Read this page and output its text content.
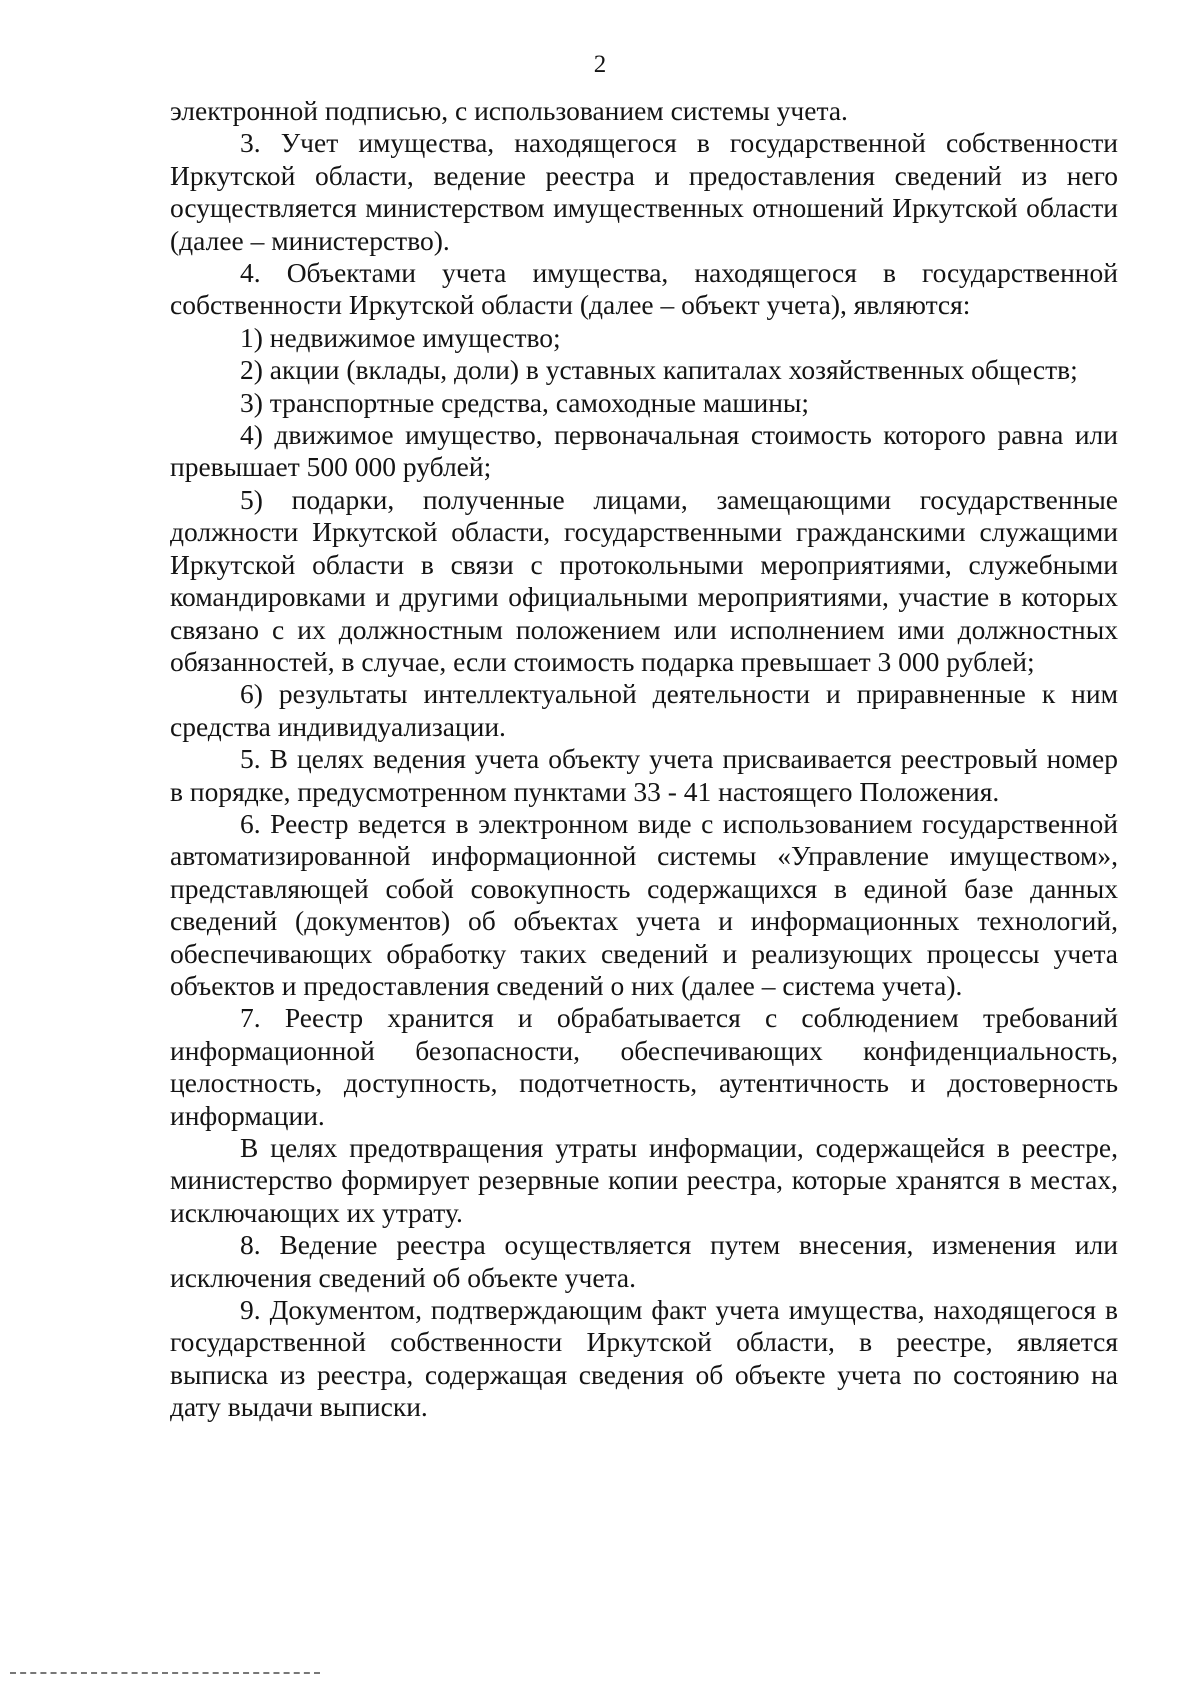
2

электронной подписью, с использованием системы учета.

3. Учет имущества, находящегося в государственной собственности Иркутской области, ведение реестра и предоставления сведений из него осуществляется министерством имущественных отношений Иркутской области (далее – министерство).

4. Объектами учета имущества, находящегося в государственной собственности Иркутской области (далее – объект учета), являются:

1) недвижимое имущество;

2) акции (вклады, доли) в уставных капиталах хозяйственных обществ;

3) транспортные средства, самоходные машины;

4) движимое имущество, первоначальная стоимость которого равна или превышает 500 000 рублей;

5) подарки, полученные лицами, замещающими государственные должности Иркутской области, государственными гражданскими служащими Иркутской области в связи с протокольными мероприятиями, служебными командировками и другими официальными мероприятиями, участие в которых связано с их должностным положением или исполнением ими должностных обязанностей, в случае, если стоимость подарка превышает 3 000 рублей;

6) результаты интеллектуальной деятельности и приравненные к ним средства индивидуализации.

5. В целях ведения учета объекту учета присваивается реестровый номер в порядке, предусмотренном пунктами 33 - 41 настоящего Положения.

6. Реестр ведется в электронном виде с использованием государственной автоматизированной информационной системы «Управление имуществом», представляющей собой совокупность содержащихся в единой базе данных сведений (документов) об объектах учета и информационных технологий, обеспечивающих обработку таких сведений и реализующих процессы учета объектов и предоставления сведений о них (далее – система учета).

7. Реестр хранится и обрабатывается с соблюдением требований информационной безопасности, обеспечивающих конфиденциальность, целостность, доступность, подотчетность, аутентичность и достоверность информации.

В целях предотвращения утраты информации, содержащейся в реестре, министерство формирует резервные копии реестра, которые хранятся в местах, исключающих их утрату.

8. Ведение реестра осуществляется путем внесения, изменения или исключения сведений об объекте учета.

9. Документом, подтверждающим факт учета имущества, находящегося в государственной собственности Иркутской области, в реестре, является выписка из реестра, содержащая сведения об объекте учета по состоянию на дату выдачи выписки.
